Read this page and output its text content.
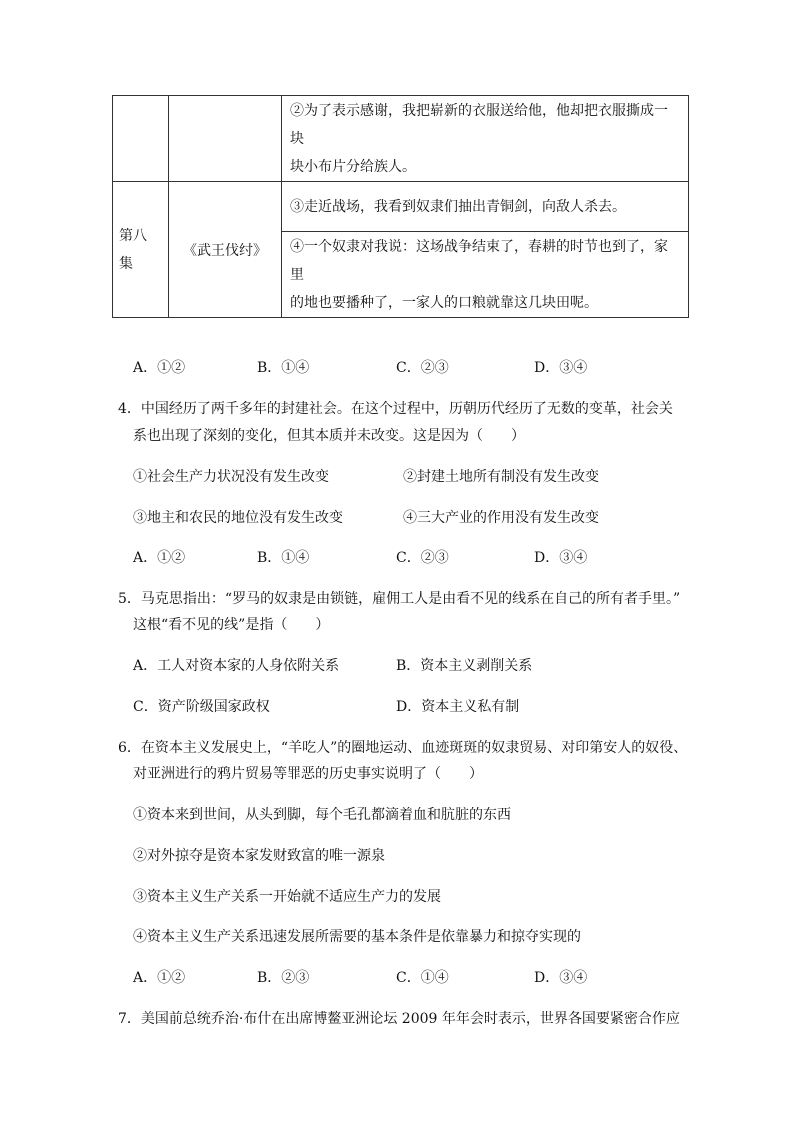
		②为了表示感谢，我把崭新的衣服送给他，他却把衣服撕成一块
块小布片分给族人。

第八
集	《武王伐纣》	③走近战场，我看到奴隶们抽出青铜剑，向敌人杀去。

		④一个奴隶对我说：这场战争结束了，春耕的时节也到了，家里
的地也要播种了，一家人的口粮就靠这几块田呢。
A．①②	B．①④	C．②③	D．③④
4．中国经历了两千多年的封建社会。在这个过程中，历朝历代经历了无数的变革，社会关
系也出现了深刻的变化，但其本质并未改变。这是因为（　　）
①社会生产力状况没有发生改变	②封建土地所有制没有发生改变
③地主和农民的地位没有发生改变	④三大产业的作用没有发生改变
A．①②	B．①④	C．②③	D．③④
5．马克思指出：“罗马的奴隶是由锁链，雇佣工人是由看不见的线系在自己的所有者手里。”
这根“看不见的线”是指（　　）
A．工人对资本家的人身依附关系	B．资本主义剥削关系
C．资产阶级国家政权	D．资本主义私有制
6．在资本主义发展史上，“羊吃人”的圈地运动、血迹斑斑的奴隶贸易、对印第安人的奴役、
对亚洲进行的鸦片贸易等罪恶的历史事实说明了（　　）
①资本来到世间，从头到脚，每个毛孔都滴着血和肮脏的东西
②对外掠夺是资本家发财致富的唯一源泉
③资本主义生产关系一开始就不适应生产力的发展
④资本主义生产关系迅速发展所需要的基本条件是依靠暴力和掠夺实现的
A．①②	B．②③	C．①④	D．③④
7．美国前总统乔治·布什在出席博鳌亚洲论坛 2009 年年会时表示，世界各国要紧密合作应
